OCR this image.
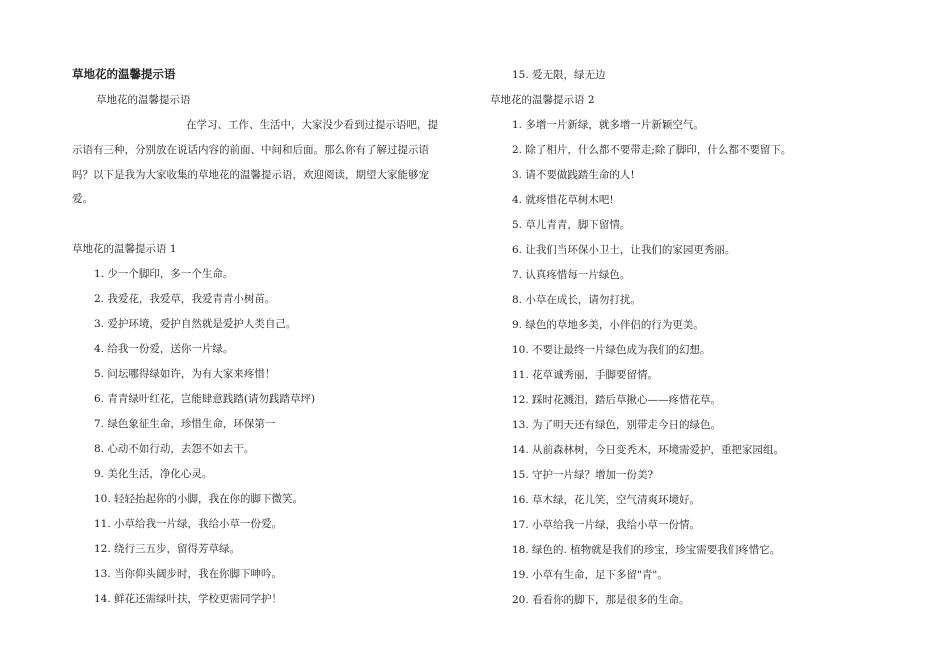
草地花的温馨提示语
草地花的温馨提示语
在学习、工作、生活中，大家没少看到过提示语吧，提
示语有三种，分别放在说话内容的前面、中间和后面。那么你有了解过提示语
吗？以下是我为大家收集的草地花的温馨提示语，欢迎阅读，期望大家能够宠
爱。
草地花的温馨提示语 1
1. 少一个脚印，多一个生命。
2. 我爱花，我爱草，我爱青青小树苗。
3. 爱护环境，爱护自然就是爱护人类自己。
4. 给我一份爱，送你一片绿。
5. 问坛哪得绿如许，为有大家来疼惜！
6. 青青绿叶红花，岂能肆意践踏(请勿践踏草坪)
7. 绿色象征生命，珍惜生命，环保第一
8. 心动不如行动，去怨不如去干。
9. 美化生活，净化心灵。
10. 轻轻抬起你的小脚，我在你的脚下微笑。
11. 小草给我一片绿，我给小草一份爱。
12. 绕行三五步，留得芳草绿。
13. 当你仰头阔步时，我在你脚下呻吟。
14. 鲜花还需绿叶扶，学校更需同学护！
15. 爱无限，绿无边
草地花的温馨提示语 2
1. 多增一片新绿，就多增一片新颖空气。
2. 除了相片，什么都不要带走;除了脚印，什么都不要留下。
3. 请不要做践踏生命的人!
4. 就疼惜花草树木吧!
5. 草儿青青，脚下留情。
6. 让我们当环保小卫士，让我们的家园更秀丽。
7. 认真疼惜每一片绿色。
8. 小草在成长，请勿打扰。
9. 绿色的草地多美，小伴侣的行为更美。
10. 不要让最终一片绿色成为我们的幻想。
11. 花草诚秀丽，手脚要留情。
12. 踩时花溅泪，踏后草揪心——疼惜花草。
13. 为了明天还有绿色，别带走今日的绿色。
14. 从前森林树，今日变秃木，环境需爱护，重把家园组。
15. 守护一片绿？增加一份美?
16. 草木绿，花儿笑，空气清爽环境好。
17. 小草给我一片绿，我给小草一份情。
18. 绿色的. 植物就是我们的珍宝，珍宝需要我们疼惜它。
19. 小草有生命，足下多留"青"。
20. 看看你的脚下，那是很多的生命。
